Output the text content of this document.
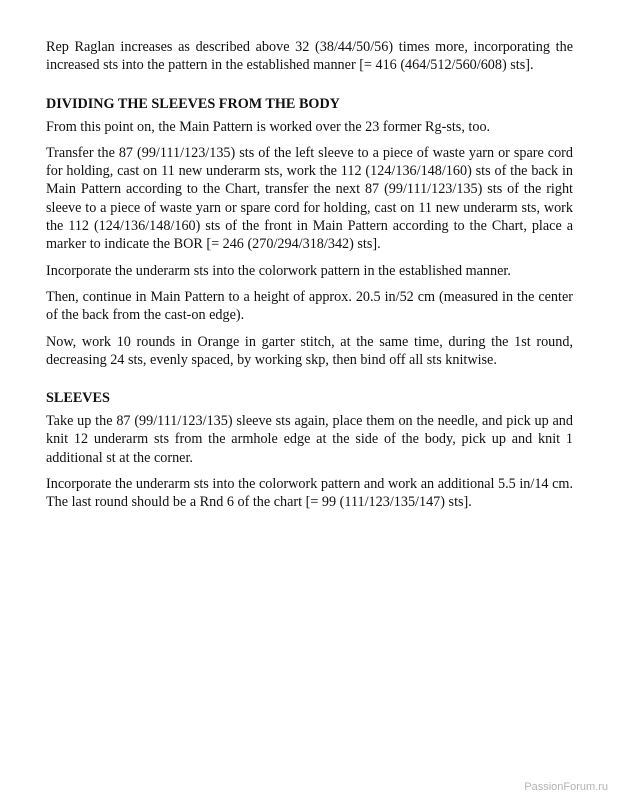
Rep Raglan increases as described above 32 (38/44/50/56) times more, incorporating the increased sts into the pattern in the established manner [= 416 (464/512/560/608) sts].

DIVIDING THE SLEEVES FROM THE BODY

From this point on, the Main Pattern is worked over the 23 former Rg-sts, too.

Transfer the 87 (99/111/123/135) sts of the left sleeve to a piece of waste yarn or spare cord for holding, cast on 11 new underarm sts, work the 112 (124/136/148/160) sts of the back in Main Pattern according to the Chart, transfer the next 87 (99/111/123/135) sts of the right sleeve to a piece of waste yarn or spare cord for holding, cast on 11 new underarm sts, work the 112 (124/136/148/160) sts of the front in Main Pattern according to the Chart, place a marker to indicate the BOR [= 246 (270/294/318/342) sts].

Incorporate the underarm sts into the colorwork pattern in the established manner.

Then, continue in Main Pattern to a height of approx. 20.5 in/52 cm (measured in the center of the back from the cast-on edge).

Now, work 10 rounds in Orange in garter stitch, at the same time, during the 1st round, decreasing 24 sts, evenly spaced, by working skp, then bind off all sts knitwise.

SLEEVES

Take up the 87 (99/111/123/135) sleeve sts again, place them on the needle, and pick up and knit 12 underarm sts from the armhole edge at the side of the body, pick up and knit 1 additional st at the corner.

Incorporate the underarm sts into the colorwork pattern and work an additional 5.5 in/14 cm. The last round should be a Rnd 6 of the chart [= 99 (111/123/135/147) sts].

PassionForum.ru
